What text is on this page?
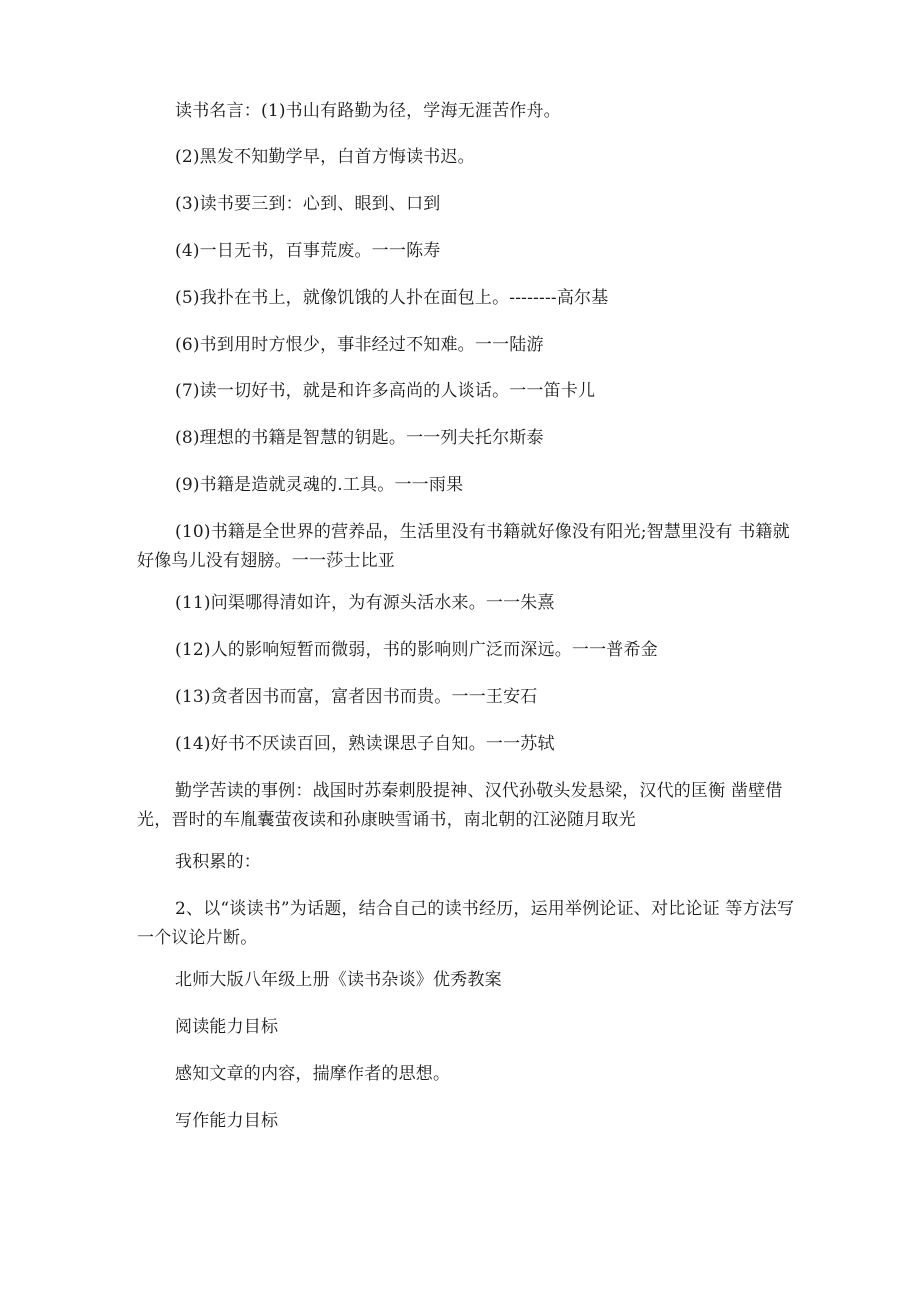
读书名言：(1)书山有路勤为径，学海无涯苦作舟。

(2)黑发不知勤学早，白首方悔读书迟。

(3)读书要三到：心到、眼到、口到

(4)一日无书，百事荒废。一一陈寿

(5)我扑在书上，就像饥饿的人扑在面包上。--------高尔基

(6)书到用时方恨少，事非经过不知难。一一陆游

(7)读一切好书，就是和许多高尚的人谈话。一一笛卡儿

(8)理想的书籍是智慧的钥匙。一一列夫托尔斯泰

(9)书籍是造就灵魂的.工具。一一雨果

(10)书籍是全世界的营养品，生活里没有书籍就好像没有阳光;智慧里没有 书籍就好像鸟儿没有翅膀。一一莎士比亚

(11)问渠哪得清如许，为有源头活水来。一一朱熹

(12)人的影响短暂而微弱，书的影响则广泛而深远。一一普希金

(13)贪者因书而富，富者因书而贵。一一王安石

(14)好书不厌读百回，熟读课思子自知。一一苏轼

勤学苦读的事例：战国时苏秦刺股提神、汉代孙敬头发悬梁，汉代的匡衡 凿壁借光，晋时的车胤囊萤夜读和孙康映雪诵书，南北朝的江泌随月取光

我积累的：

2、以“谈读书”为话题，结合自己的读书经历，运用举例论证、对比论证 等方法写一个议论片断。

北师大版八年级上册《读书杂谈》优秀教案

阅读能力目标

感知文章的内容，揣摩作者的思想。

写作能力目标
